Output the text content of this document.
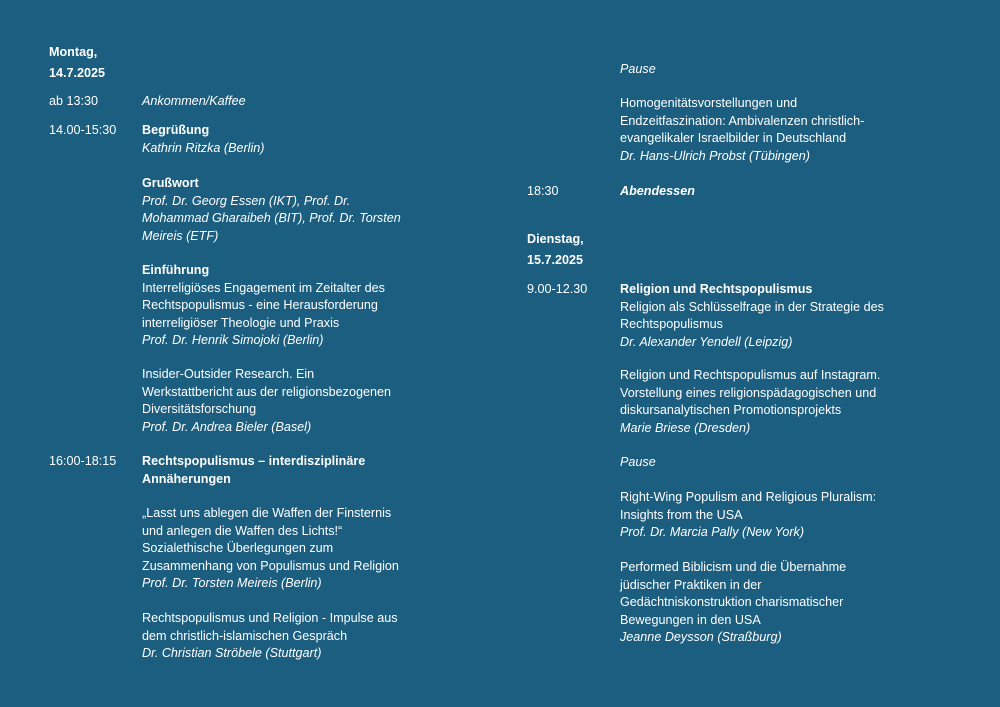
Montag,
14.7.2025
ab 13:30	Ankommen/Kaffee
14.00-15:30	Begrüßung
Kathrin Ritzka (Berlin)
Grußwort
Prof. Dr. Georg Essen (IKT), Prof. Dr.
Mohammad Gharaibeh (BIT), Prof. Dr. Torsten
Meireis (ETF)
Einführung
Interreligiöses Engagement im Zeitalter des
Rechtspopulismus - eine Herausforderung
interreligiöser Theologie und Praxis
Prof. Dr. Henrik Simojoki (Berlin)
Insider-Outsider Research. Ein
Werkstattbericht aus der religionsbezogenen
Diversitätsforschung
Prof. Dr. Andrea Bieler (Basel)
16:00-18:15	Rechtspopulismus – interdisziplinäre
Annäherungen
„Lasst uns ablegen die Waffen der Finsternis
und anlegen die Waffen des Lichts!“
Sozialethische Überlegungen zum
Zusammenhang von Populismus und Religion
Prof. Dr. Torsten Meireis (Berlin)
Rechtspopulismus und Religion - Impulse aus
dem christlich-islamischen Gespräch
Dr. Christian Ströbele (Stuttgart)
Pause
Homogenitätsvorstellungen und
Endzeitfaszination: Ambivalenzen christlich-
evangelikaler Israelbilder in Deutschland
Dr. Hans-Ulrich Probst (Tübingen)
18:30	Abendessen
Dienstag,
15.7.2025
9.00-12.30	Religion und Rechtspopulismus
Religion als Schlüsselfrage in der Strategie des
Rechtspopulismus
Dr. Alexander Yendell (Leipzig)
Religion und Rechtspopulismus auf Instagram.
Vorstellung eines religionspädagogischen und
diskursanalytischen Promotionsprojekts
Marie Briese (Dresden)
Pause
Right-Wing Populism and Religious Pluralism:
Insights from the USA
Prof. Dr. Marcia Pally (New York)
Performed Biblicism und die Übernahme
jüdischer Praktiken in der
Gedächtniskonstruktion charismatischer
Bewegungen in den USA
Jeanne Deysson (Straßburg)
